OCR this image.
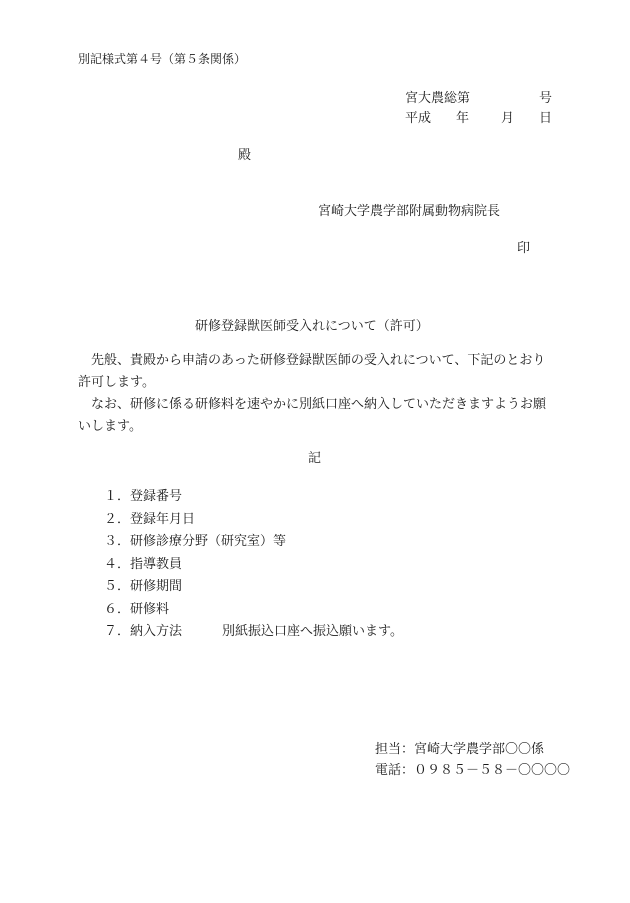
別記様式第４号（第５条関係）
宮大農総第	号
平成 年 月 日
殿
宮崎大学農学部附属動物病院長
印
研修登録獣医師受入れについて（許可）

先般、貴殿から申請のあった研修登録獣医師の受入れについて、下記のとおり許可します。

なお、研修に係る研修料を速やかに別紙口座へ納入していただきますようお願いします。

記
１．登録番号
２．登録年月日
３．研修診療分野（研究室）等
４．指導教員
５．研修期間
６．研修料
７．納入方法	別紙振込口座へ振込願います。
担当：宮崎大学農学部〇〇係
電話：０９８５－５８－〇〇〇〇
